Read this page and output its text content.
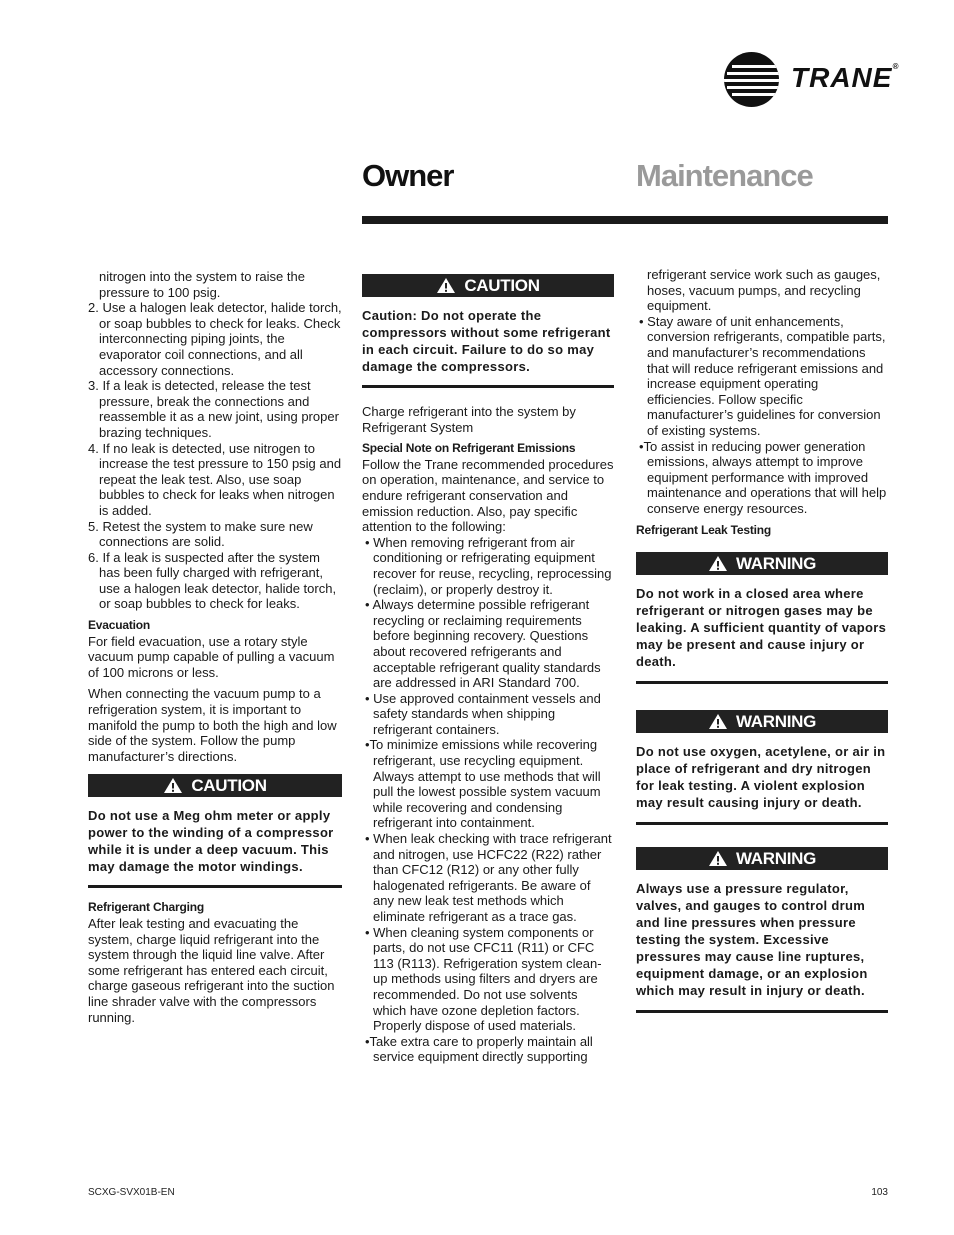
TRANE®
Owner	Maintenance

nitrogen into the system to raise the pressure to 100 psig.

2. Use a halogen leak detector, halide torch, or soap bubbles to check for leaks. Check interconnecting piping joints, the evaporator coil connections, and all accessory connections.

3. If a leak is detected, release the test pressure, break the connections and reassemble it as a new joint, using proper brazing techniques.

4. If no leak is detected, use nitrogen to increase the test pressure to 150 psig and repeat the leak test. Also, use soap bubbles to check for leaks when nitrogen is added.

5. Retest the system to make sure new connections are solid.

6. If a leak is suspected after the system has been fully charged with refrigerant, use a halogen leak detector, halide torch, or soap bubbles to check for leaks.

Evacuation

For field evacuation, use a rotary style vacuum pump capable of pulling a vacuum of 100 microns or less.

When connecting the vacuum pump to a refrigeration system, it is important to manifold the pump to both the high and low side of the system. Follow the pump manufacturer’s directions.

CAUTION

Do not use a Meg ohm meter or apply power to the winding of a compressor while it is under a deep vacuum. This may damage the motor windings.

Refrigerant Charging

After leak testing and evacuating the system, charge liquid refrigerant into the system through the liquid line valve. After some refrigerant has entered each circuit, charge gaseous refrigerant into the suction line shrader valve with the compressors running.

CAUTION

Caution: Do not operate the compressors without some refrigerant in each circuit. Failure to do so may damage the compressors.

Charge refrigerant into the system by Refrigerant System

Special Note on Refrigerant Emissions

Follow the Trane recommended procedures on operation, maintenance, and service to endure refrigerant conservation and emission reduction. Also, pay specific attention to the following:

• When removing refrigerant from air conditioning or refrigerating equipment recover for reuse, recycling, reprocessing (reclaim), or properly destroy it.

• Always determine possible refrigerant recycling or reclaiming requirements before beginning recovery. Questions about recovered refrigerants and acceptable refrigerant quality standards are addressed in ARI Standard 700.

• Use approved containment vessels and safety standards when shipping refrigerant containers.

•To minimize emissions while recovering refrigerant, use recycling equipment. Always attempt to use methods that will pull the lowest possible system vacuum while recovering and condensing refrigerant into containment.

• When leak checking with trace refrigerant and nitrogen, use HCFC22 (R22) rather than CFC12 (R12) or any other fully halogenated refrigerants. Be aware of any new leak test methods which eliminate refrigerant as a trace gas.

• When cleaning system components or parts, do not use CFC11 (R11) or CFC 113 (R113). Refrigeration system clean-up methods using filters and dryers are recommended. Do not use solvents which have ozone depletion factors. Properly dispose of used materials.

•Take extra care to properly maintain all service equipment directly supporting

refrigerant service work such as gauges, hoses, vacuum pumps, and recycling equipment.

• Stay aware of unit enhancements, conversion refrigerants, compatible parts, and manufacturer’s recommendations that will reduce refrigerant emissions and increase equipment operating efficiencies. Follow specific manufacturer’s guidelines for conversion of existing systems.

•To assist in reducing power generation emissions, always attempt to improve equipment performance with improved maintenance and operations that will help conserve energy resources.

Refrigerant Leak Testing

WARNING

Do not work in a closed area where refrigerant or nitrogen gases may be leaking. A sufficient quantity of vapors may be present and cause injury or death.

WARNING

Do not use oxygen, acetylene, or air in place of refrigerant and dry nitrogen for leak testing. A violent explosion may result causing injury or death.

WARNING

Always use a pressure regulator, valves, and gauges to control drum and line pressures when pressure testing the system. Excessive pressures may cause line ruptures, equipment damage, or an explosion which may result in injury or death.

SCXG-SVX01B-EN	103
